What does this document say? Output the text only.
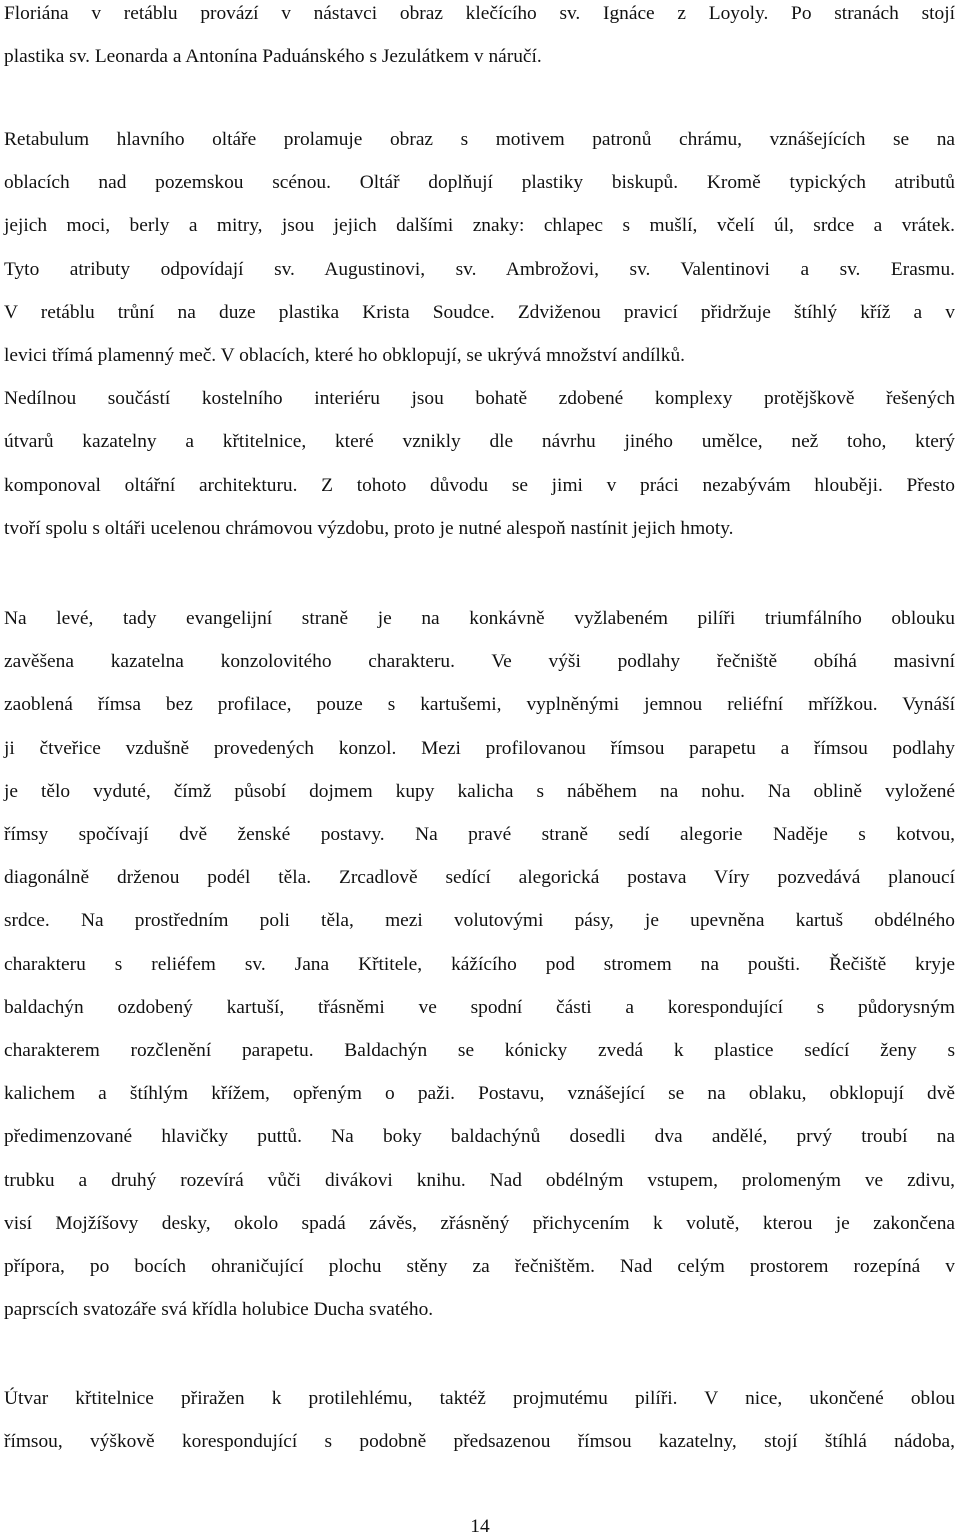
Floriána v retáblu provází v nástavci obraz klečícího sv. Ignáce z Loyoly. Po stranách stojí
plastika sv. Leonarda a Antonína Paduánského s Jezulátkem v náručí.
Retabulum hlavního oltáře prolamuje obraz s motivem patronů chrámu, vznášejících se na
oblacích nad pozemskou scénou. Oltář doplňují plastiky biskupů. Kromě typických atributů
jejich moci, berly a mitry, jsou jejich dalšími znaky: chlapec s mušlí, včelí úl, srdce a vrátek.
Tyto atributy odpovídají sv. Augustinovi, sv. Ambrožovi, sv. Valentinovi a sv. Erasmu.
V retáblu trůní na duze plastika Krista Soudce. Zdviženou pravicí přidržuje štíhlý kříž a v
levici třímá plamenný meč. V oblacích, které ho obklopují, se ukrývá množství andílků.
Nedílnou součástí kostelního interiéru jsou bohatě zdobené komplexy protějškově řešených
útvarů kazatelny a křtitelnice, které vznikly dle návrhu jiného umělce, než toho, který
komponoval oltářní architekturu. Z tohoto důvodu se jimi v práci nezabývám hlouběji. Přesto
tvoří spolu s oltáři ucelenou chrámovou výzdobu, proto je nutné alespoň nastínit jejich hmoty.
Na levé, tady evangelijní straně je na konkávně vyžlabeném pilíři triumfálního oblouku
zavěšena kazatelna konzolovitého charakteru. Ve výši podlahy řečniště obíhá masivní
zaoblená římsa bez profilace, pouze s kartušemi, vyplněnými jemnou reliéfní mřížkou. Vynáší
ji čtveřice vzdušně provedených konzol. Mezi profilovanou římsou parapetu a římsou podlahy
je tělo vyduté, čímž působí dojmem kupy kalicha s náběhem na nohu. Na oblině vyložené
římsy spočívají dvě ženské postavy. Na pravé straně sedí alegorie Naděje s kotvou,
diagonálně drženou podél těla. Zrcadlově sedící alegorická postava Víry pozvedává planoucí
srdce. Na prostředním poli těla, mezi volutovými pásy, je upevněna kartuš obdélného
charakteru s reliéfem sv. Jana Křtitele, kážícího pod stromem na poušti. Řečiště kryje
baldachýn ozdobený kartuší, třásněmi ve spodní části a korespondující s půdorysným
charakterem rozčlenění parapetu. Baldachýn se kónicky zvedá k plastice sedící ženy s
kalichem a štíhlým křížem, opřeným o paži. Postavu, vznášející se na oblaku, obklopují dvě
předimenzované hlavičky puttů. Na boky baldachýnů dosedli dva andělé, prvý troubí na
trubku a druhý rozevírá vůči divákovi knihu. Nad obdélným vstupem, prolomeným ve zdivu,
visí Mojžíšovy desky, okolo spadá závěs, zřásněný přichycením k volutě, kterou je zakončena
přípora, po bocích ohraničující plochu stěny za řečništěm. Nad celým prostorem rozepíná v
paprscích svatozáře svá křídla holubice Ducha svatého.
Útvar křtitelnice přiražen k protilehlému, taktéž projmutému pilíři. V nice, ukončené oblou
římsou, výškově korespondující s podobně předsazenou římsou kazatelny, stojí štíhlá nádoba,
14
